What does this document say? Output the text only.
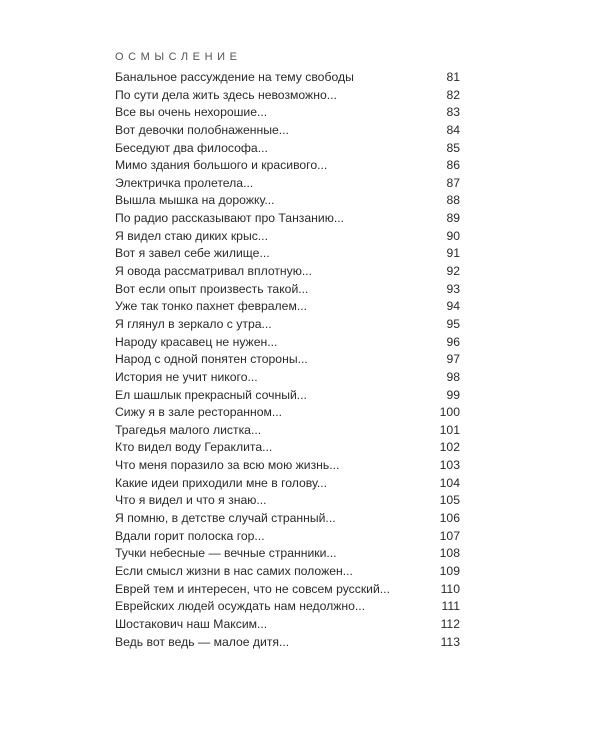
ОСМЫСЛЕНИЕ
Банальное рассуждение на тему свободы	81
По сути дела жить здесь невозможно...	82
Все вы очень нехорошие...	83
Вот девочки полобнаженные...	84
Беседуют два философа...	85
Мимо здания большого и красивого...	86
Электричка пролетела...	87
Вышла мышка на дорожку...	88
По радио рассказывают про Танзанию...	89
Я видел стаю диких крыс...	90
Вот я завел себе жилище...	91
Я овода рассматривал вплотную...	92
Вот если опыт произвесть такой...	93
Уже так тонко пахнет февралем...	94
Я глянул в зеркало с утра...	95
Народу красавец не нужен...	96
Народ с одной понятен стороны...	97
История не учит никого...	98
Ел шашлык прекрасный сочный...	99
Сижу я в зале ресторанном...	100
Трагедья малого листка...	101
Кто видел воду Гераклита...	102
Что меня поразило за всю мою жизнь...	103
Какие идеи приходили мне в голову...	104
Что я видел и что я знаю...	105
Я помню, в детстве случай странный...	106
Вдали горит полоска гор...	107
Тучки небесные — вечные странники...	108
Если смысл жизни в нас самих положен...	109
Еврей тем и интересен, что не совсем русский...	110
Еврейских людей осуждать нам недолжно...	111
Шостакович наш Максим...	112
Ведь вот ведь — малое дитя...	113
